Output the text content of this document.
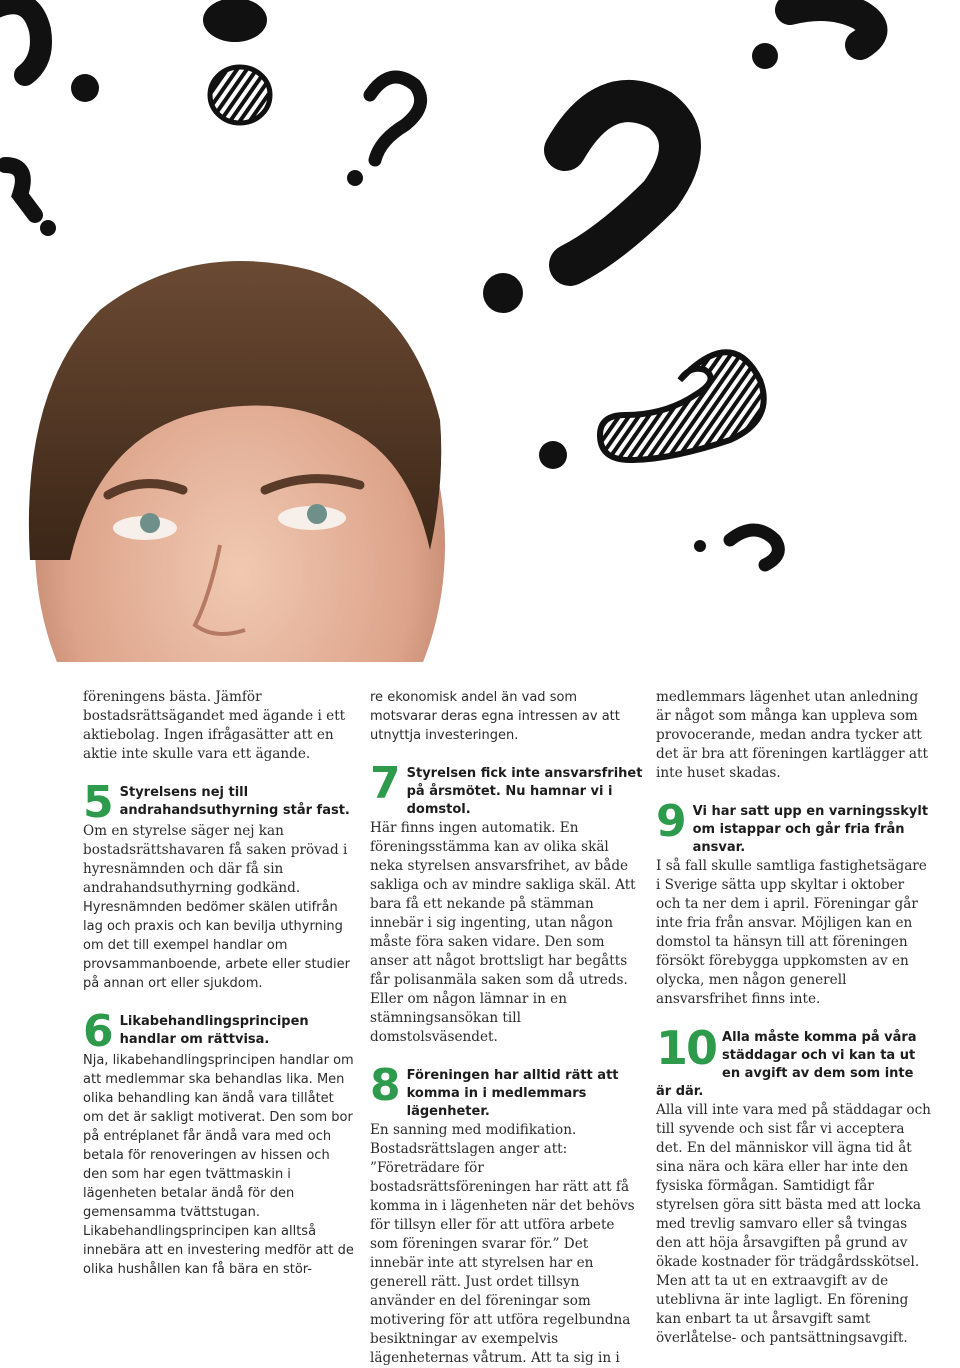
föreningens bästa. Jämför bostadsrättsägandet med ägande i ett aktiebolag. Ingen ifrågasätter att en aktie inte skulle vara ett ägande.

5 Styrelsens nej till andrahandsuthyrning står fast.

Om en styrelse säger nej kan bostadsrättshavaren få saken prövad i hyresnämnden och där få sin andrahandsuthyrning godkänd.

Hyresnämnden bedömer skälen utifrån lag och praxis och kan bevilja uthyrning om det till exempel handlar om provsammanboende, arbete eller studier på annan ort eller sjukdom.

6 Likabehandlingsprincipen handlar om rättvisa.

Nja, likabehandlingsprincipen handlar om att medlemmar ska behandlas lika. Men olika behandling kan ändå vara tillåtet om det är sakligt motiverat. Den som bor på entréplanet får ändå vara med och betala för renoveringen av hissen och den som har egen tvättmaskin i lägenheten betalar ändå för den gemensamma tvättstugan. Likabehandlingsprincipen kan alltså innebära att en investering medför att de olika hushållen kan få bära en stör-

re ekonomisk andel än vad som motsvarar deras egna intressen av att utnyttja investeringen.

7 Styrelsen fick inte ansvarsfrihet på årsmötet. Nu hamnar vi i domstol.

Här finns ingen automatik. En föreningsstämma kan av olika skäl neka styrelsen ansvarsfrihet, av både sakliga och av mindre sakliga skäl. Att bara få ett nekande på stämman innebär i sig ingenting, utan någon måste föra saken vidare. Den som anser att något brottsligt har begåtts får polisanmäla saken som då utreds. Eller om någon lämnar in en stämningsansökan till domstolsväsendet.

8 Föreningen har alltid rätt att komma in i medlemmars lägenheter.

En sanning med modifikation. Bostadsrättslagen anger att: ”Företrädare för bostadsrättsföreningen har rätt att få komma in i lägenheten när det behövs för tillsyn eller för att utföra arbete som föreningen svarar för.” Det innebär inte att styrelsen har en generell rätt. Just ordet tillsyn använder en del föreningar som motivering för att utföra regelbundna besiktningar av exempelvis lägenheternas våtrum. Att ta sig in i

medlemmars lägenhet utan anledning är något som många kan uppleva som provocerande, medan andra tycker att det är bra att föreningen kartlägger att inte huset skadas.

9 Vi har satt upp en varningsskylt om istappar och går fria från ansvar.

I så fall skulle samtliga fastighetsägare i Sverige sätta upp skyltar i oktober och ta ner dem i april. Föreningar går inte fria från ansvar. Möjligen kan en domstol ta hänsyn till att föreningen försökt förebygga uppkomsten av en olycka, men någon generell ansvarsfrihet finns inte.

10 Alla måste komma på våra städdagar och vi kan ta ut en avgift av dem som inte är där.

Alla vill inte vara med på städdagar och till syvende och sist får vi acceptera det. En del människor vill ägna tid åt sina nära och kära eller har inte den fysiska förmågan. Samtidigt får styrelsen göra sitt bästa med att locka med trevlig samvaro eller så tvingas den att höja årsavgiften på grund av ökade kostnader för trädgårdsskötsel. Men att ta ut en extraavgift av de uteblivna är inte lagligt. En förening kan enbart ta ut årsavgift samt överlåtelse- och pantsättningsavgift.
